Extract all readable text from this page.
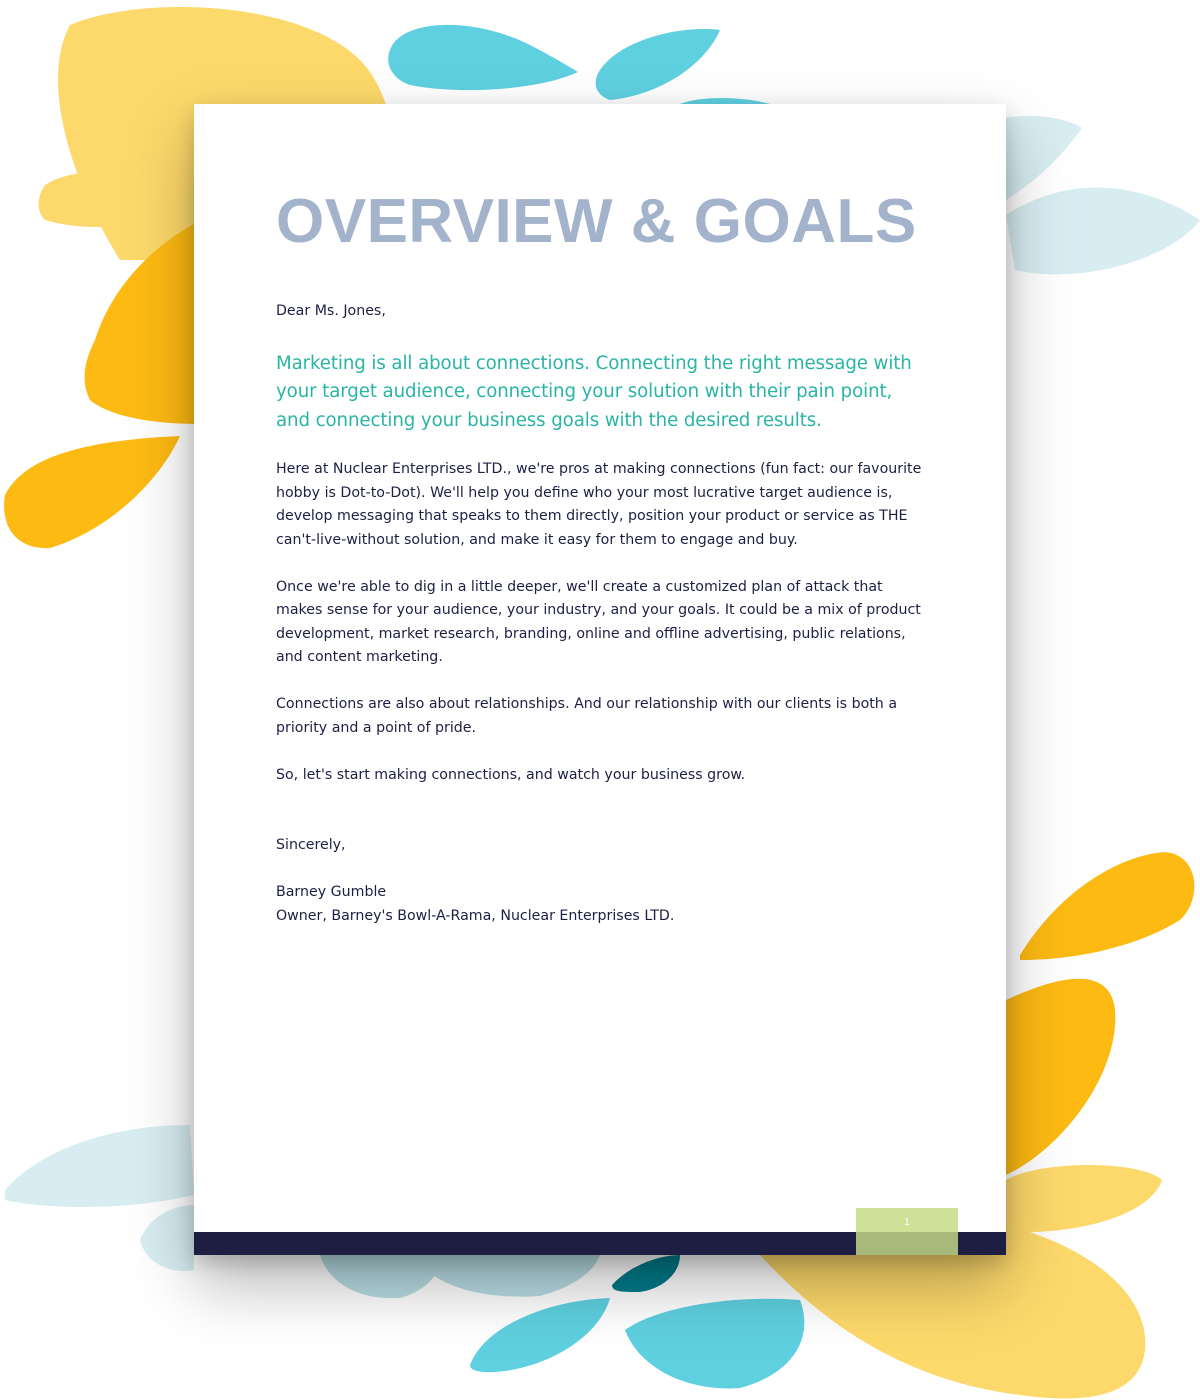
OVERVIEW & GOALS

Dear Ms. Jones,

Marketing is all about connections. Connecting the right message with your target audience, connecting your solution with their pain point, and connecting your business goals with the desired results.

Here at Nuclear Enterprises LTD., we're pros at making connections (fun fact: our favourite hobby is Dot-to-Dot). We'll help you define who your most lucrative target audience is, develop messaging that speaks to them directly, position your product or service as THE can't-live-without solution, and make it easy for them to engage and buy.

Once we're able to dig in a little deeper, we'll create a customized plan of attack that makes sense for your audience, your industry, and your goals. It could be a mix of product development, market research, branding, online and offline advertising, public relations, and content marketing.

Connections are also about relationships. And our relationship with our clients is both a priority and a point of pride.

So, let's start making connections, and watch your business grow.

Sincerely,

Barney Gumble

Owner, Barney's Bowl-A-Rama, Nuclear Enterprises LTD.

1
